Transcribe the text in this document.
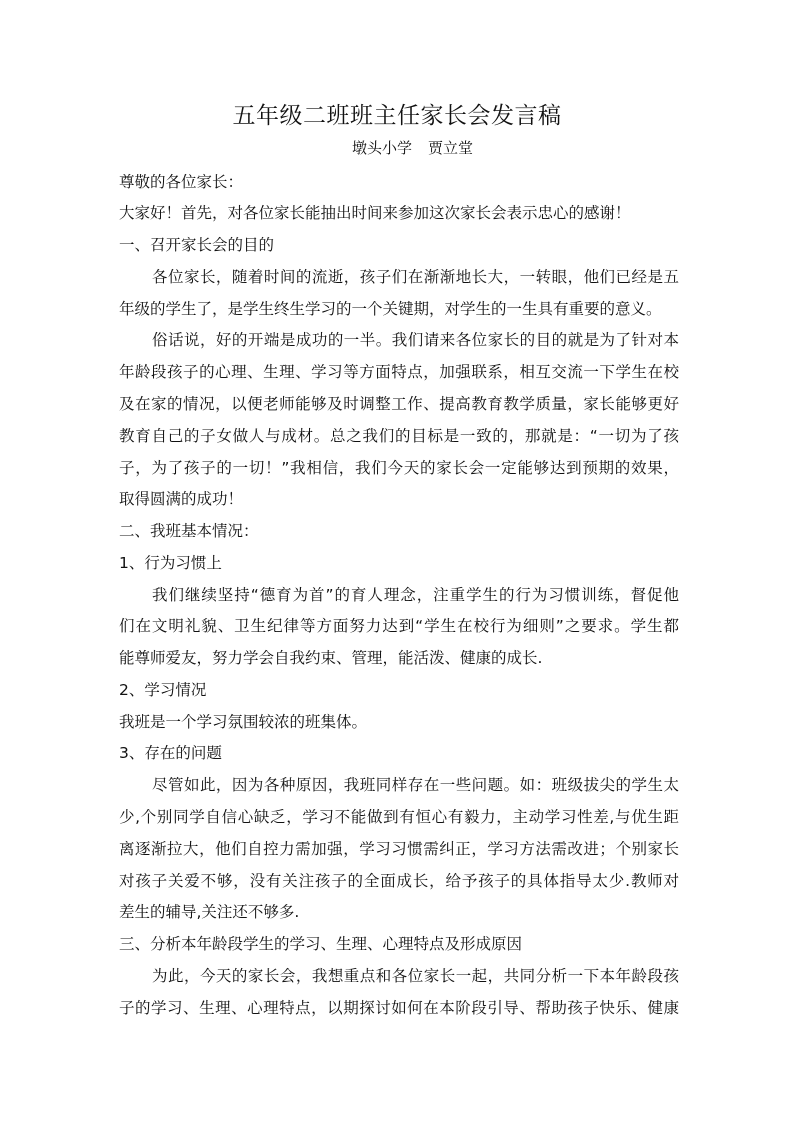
五年级二班班主任家长会发言稿
墩头小学 贾立堂
尊敬的各位家长：
大家好！首先，对各位家长能抽出时间来参加这次家长会表示忠心的感谢！
一、召开家长会的目的
各位家长，随着时间的流逝，孩子们在渐渐地长大，一转眼，他们已经是五
年级的学生了，是学生终生学习的一个关键期，对学生的一生具有重要的意义。
俗话说，好的开端是成功的一半。我们请来各位家长的目的就是为了针对本
年龄段孩子的心理、生理、学习等方面特点，加强联系，相互交流一下学生在校
及在家的情况，以便老师能够及时调整工作、提高教育教学质量，家长能够更好
教育自己的子女做人与成材。总之我们的目标是一致的，那就是：“一切为了孩
子，为了孩子的一切！”我相信，我们今天的家长会一定能够达到预期的效果，
取得圆满的成功！
二、我班基本情况：
1、行为习惯上
我们继续坚持“德育为首”的育人理念，注重学生的行为习惯训练，督促他
们在文明礼貌、卫生纪律等方面努力达到“学生在校行为细则”之要求。学生都
能尊师爱友，努力学会自我约束、管理，能活泼、健康的成长.
2、学习情况
我班是一个学习氛围较浓的班集体。
3、存在的问题
尽管如此，因为各种原因，我班同样存在一些问题。如：班级拔尖的学生太
少,个别同学自信心缺乏，学习不能做到有恒心有毅力，主动学习性差,与优生距
离逐渐拉大，他们自控力需加强，学习习惯需纠正，学习方法需改进；个别家长
对孩子关爱不够，没有关注孩子的全面成长，给予孩子的具体指导太少.教师对
差生的辅导,关注还不够多.
三、分析本年龄段学生的学习、生理、心理特点及形成原因
为此，今天的家长会，我想重点和各位家长一起，共同分析一下本年龄段孩
子的学习、生理、心理特点，以期探讨如何在本阶段引导、帮助孩子快乐、健康
